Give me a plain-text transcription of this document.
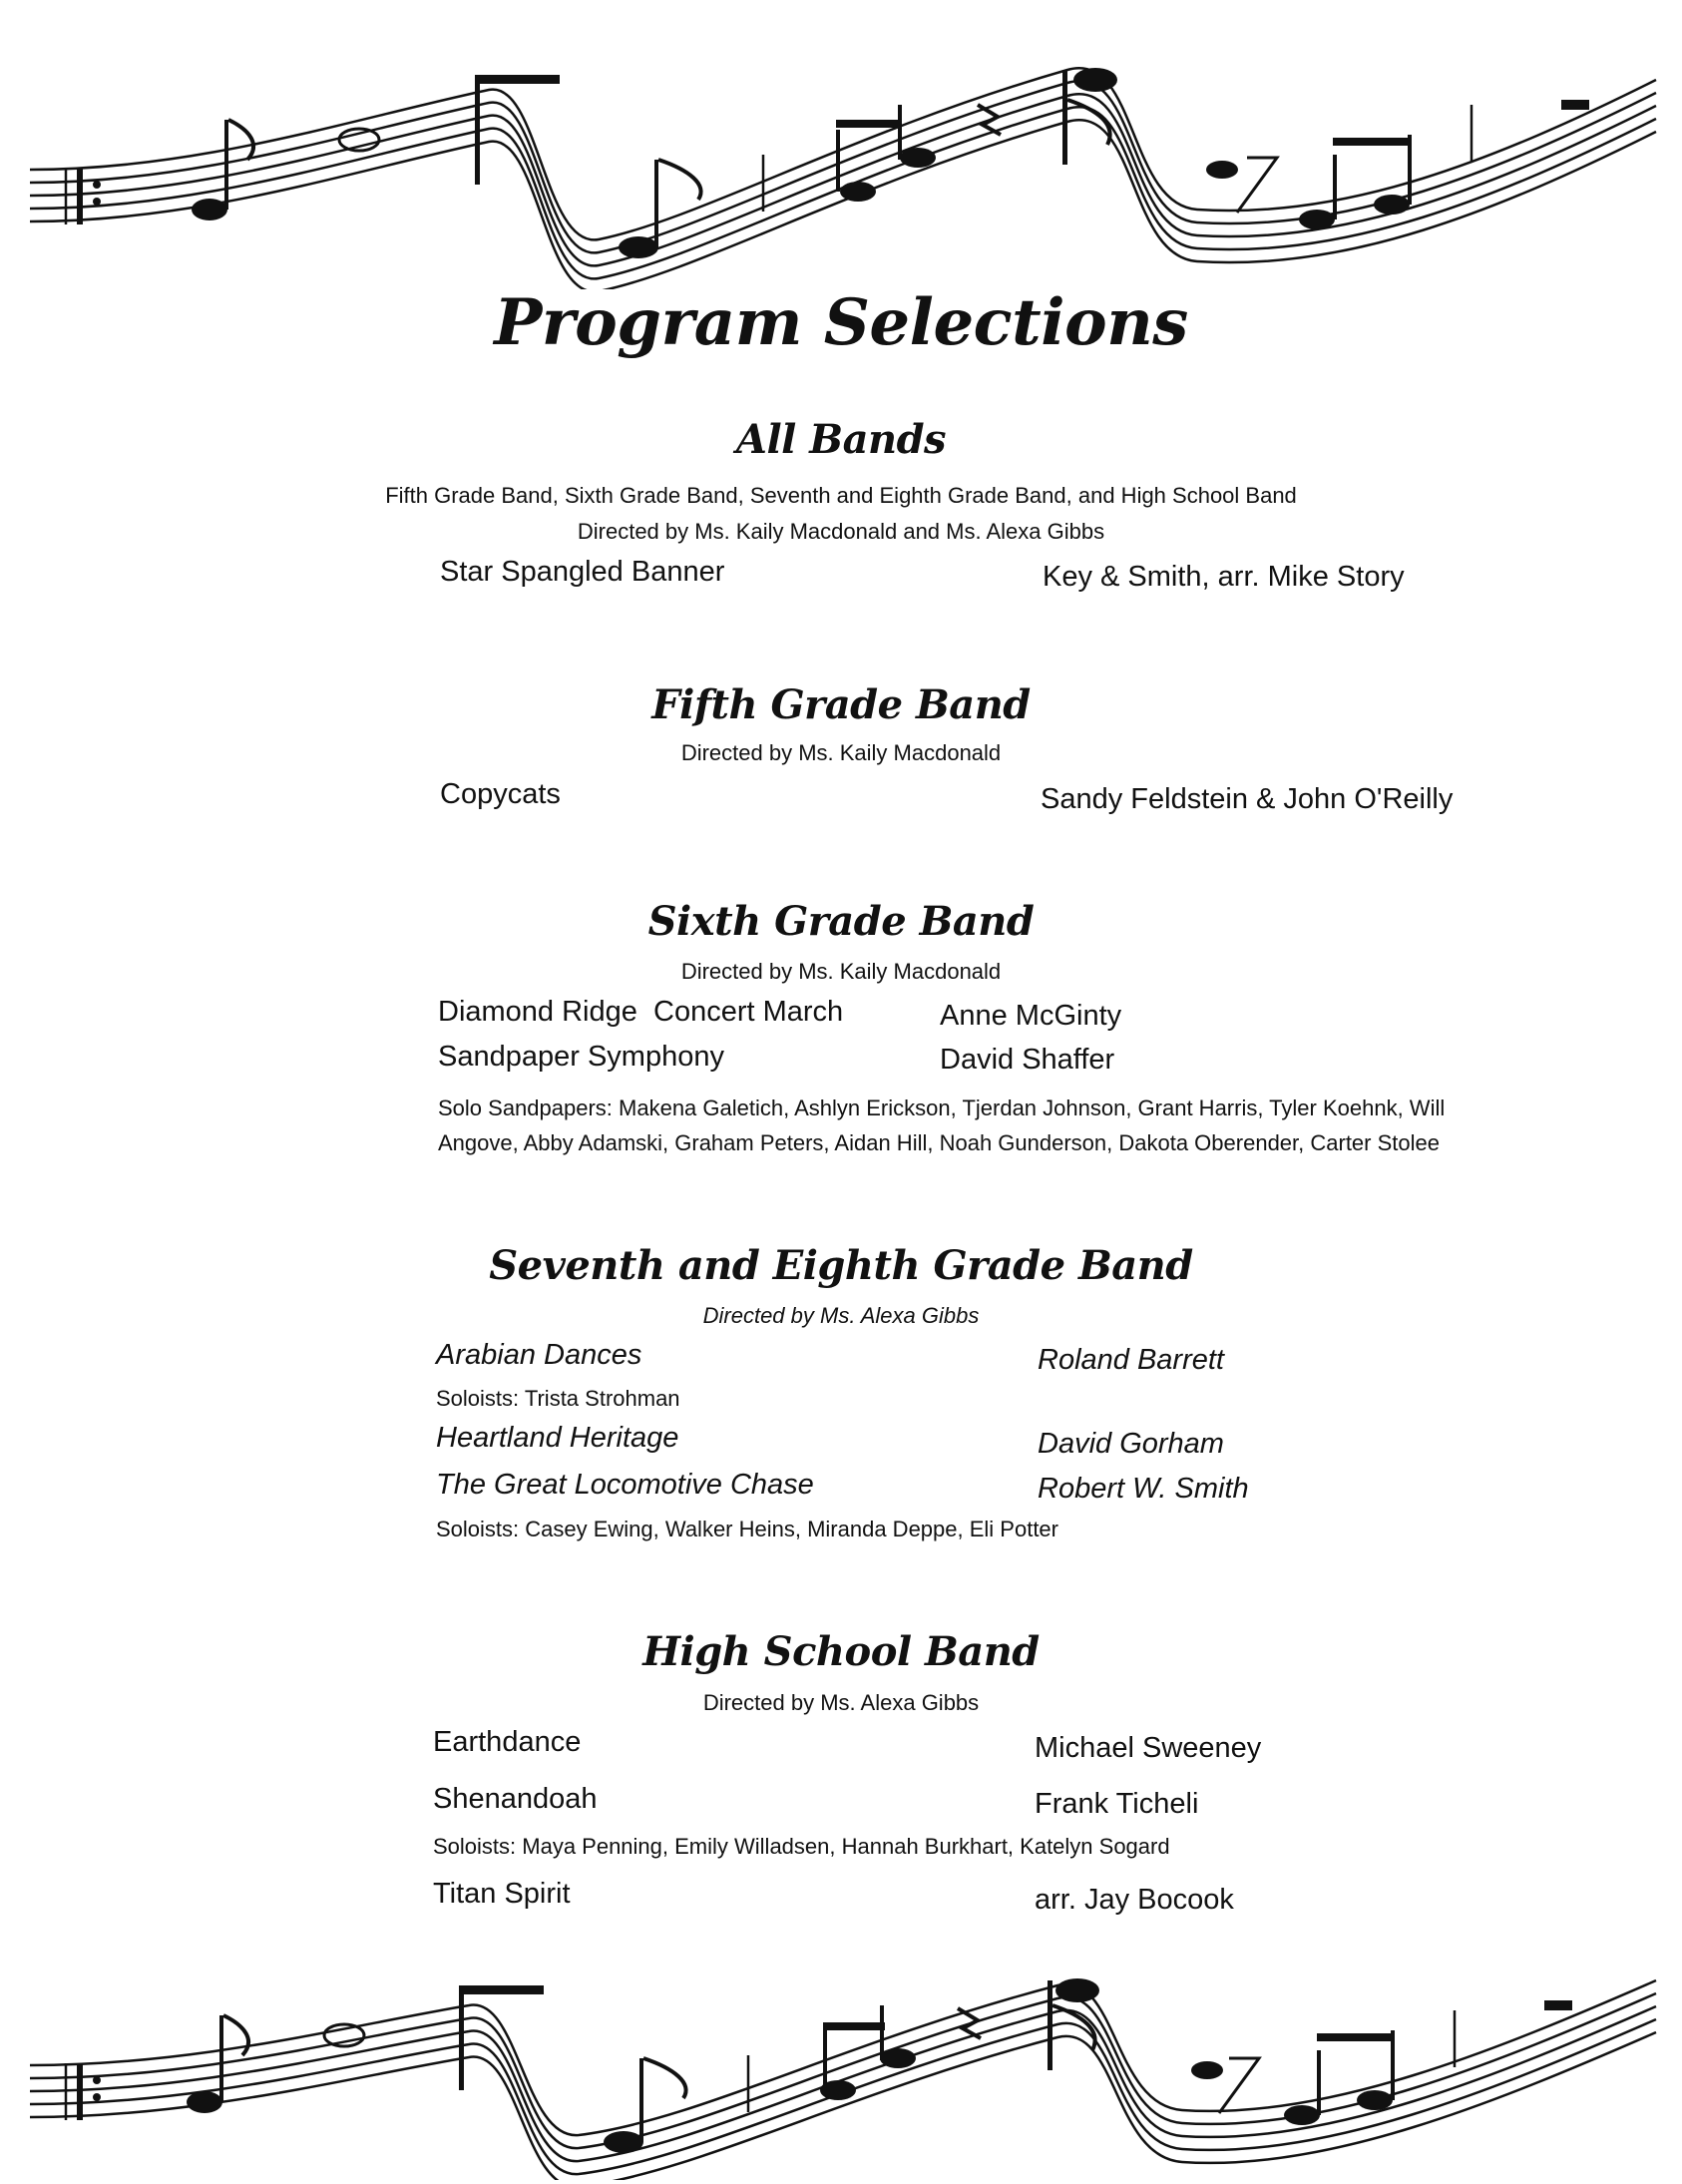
Program Selections
All Bands
Fifth Grade Band, Sixth Grade Band, Seventh and Eighth Grade Band, and High School Band
Directed by Ms. Kaily Macdonald and Ms. Alexa Gibbs
Star Spangled Banner	Key & Smith, arr. Mike Story
Fifth Grade Band
Directed by Ms. Kaily Macdonald
Copycats	Sandy Feldstein & John O'Reilly
Sixth Grade Band
Directed by Ms. Kaily Macdonald
Diamond Ridge  Concert March	Anne McGinty
Sandpaper Symphony	David Shaffer
Solo Sandpapers: Makena Galetich, Ashlyn Erickson, Tjerdan Johnson, Grant Harris, Tyler Koehnk, Will
Angove, Abby Adamski, Graham Peters, Aidan Hill, Noah Gunderson, Dakota Oberender, Carter Stolee
Seventh and Eighth Grade Band
Directed by Ms. Alexa Gibbs
Arabian Dances	Roland Barrett
Soloists: Trista Strohman
Heartland Heritage	David Gorham
The Great Locomotive Chase	Robert W. Smith
Soloists: Casey Ewing, Walker Heins, Miranda Deppe, Eli Potter
High School Band
Directed by Ms. Alexa Gibbs
Earthdance	Michael Sweeney
Shenandoah	Frank Ticheli
Soloists: Maya Penning, Emily Willadsen, Hannah Burkhart, Katelyn Sogard
Titan Spirit	arr. Jay Bocook
